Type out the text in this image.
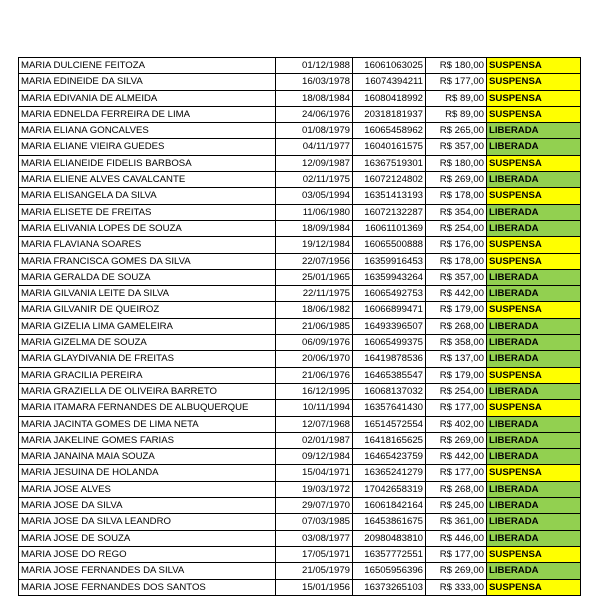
MARIA DULCIENE FEITOZA	01/12/1988	16061063025	R$ 180,00	SUSPENSA
MARIA EDINEIDE DA SILVA	16/03/1978	16074394211	R$ 177,00	SUSPENSA
MARIA EDIVANIA DE ALMEIDA	18/08/1984	16080418992	R$ 89,00	SUSPENSA
MARIA EDNELDA FERREIRA DE LIMA	24/06/1976	20318181937	R$ 89,00	SUSPENSA
MARIA ELIANA GONCALVES	01/08/1979	16065458962	R$ 265,00	LIBERADA
MARIA ELIANE VIEIRA GUEDES	04/11/1977	16040161575	R$ 357,00	LIBERADA
MARIA ELIANEIDE FIDELIS BARBOSA	12/09/1987	16367519301	R$ 180,00	SUSPENSA
MARIA ELIENE ALVES CAVALCANTE	02/11/1975	16072124802	R$ 269,00	LIBERADA
MARIA ELISANGELA DA SILVA	03/05/1994	16351413193	R$ 178,00	SUSPENSA
MARIA ELISETE DE FREITAS	11/06/1980	16072132287	R$ 354,00	LIBERADA
MARIA ELIVANIA LOPES DE SOUZA	18/09/1984	16061101369	R$ 254,00	LIBERADA
MARIA FLAVIANA SOARES	19/12/1984	16065500888	R$ 176,00	SUSPENSA
MARIA FRANCISCA GOMES DA SILVA	22/07/1956	16359916453	R$ 178,00	SUSPENSA
MARIA GERALDA DE SOUZA	25/01/1965	16359943264	R$ 357,00	LIBERADA
MARIA GILVANIA LEITE DA SILVA	22/11/1975	16065492753	R$ 442,00	LIBERADA
MARIA GILVANIR DE QUEIROZ	18/06/1982	16066899471	R$ 179,00	SUSPENSA
MARIA GIZELIA LIMA GAMELEIRA	21/06/1985	16493396507	R$ 268,00	LIBERADA
MARIA GIZELMA DE SOUZA	06/09/1976	16065499375	R$ 358,00	LIBERADA
MARIA GLAYDIVANIA DE FREITAS	20/06/1970	16419878536	R$ 137,00	LIBERADA
MARIA GRACILIA PEREIRA	21/06/1976	16465385547	R$ 179,00	SUSPENSA
MARIA GRAZIELLA DE OLIVEIRA BARRETO	16/12/1995	16068137032	R$ 254,00	LIBERADA
MARIA ITAMARA FERNANDES DE ALBUQUERQUE	10/11/1994	16357641430	R$ 177,00	SUSPENSA
MARIA JACINTA GOMES DE LIMA NETA	12/07/1968	16514572554	R$ 402,00	LIBERADA
MARIA JAKELINE GOMES FARIAS	02/01/1987	16418165625	R$ 269,00	LIBERADA
MARIA JANAINA MAIA SOUZA	09/12/1984	16465423759	R$ 442,00	LIBERADA
MARIA JESUINA DE HOLANDA	15/04/1971	16365241279	R$ 177,00	SUSPENSA
MARIA JOSE ALVES	19/03/1972	17042658319	R$ 268,00	LIBERADA
MARIA JOSE DA SILVA	29/07/1970	16061842164	R$ 245,00	LIBERADA
MARIA JOSE DA SILVA LEANDRO	07/03/1985	16453861675	R$ 361,00	LIBERADA
MARIA JOSE DE SOUZA	03/08/1977	20980483810	R$ 446,00	LIBERADA
MARIA JOSE DO REGO	17/05/1971	16357772551	R$ 177,00	SUSPENSA
MARIA JOSE FERNANDES DA SILVA	21/05/1979	16505956396	R$ 269,00	LIBERADA
MARIA JOSE FERNANDES DOS SANTOS	15/01/1956	16373265103	R$ 333,00	SUSPENSA
